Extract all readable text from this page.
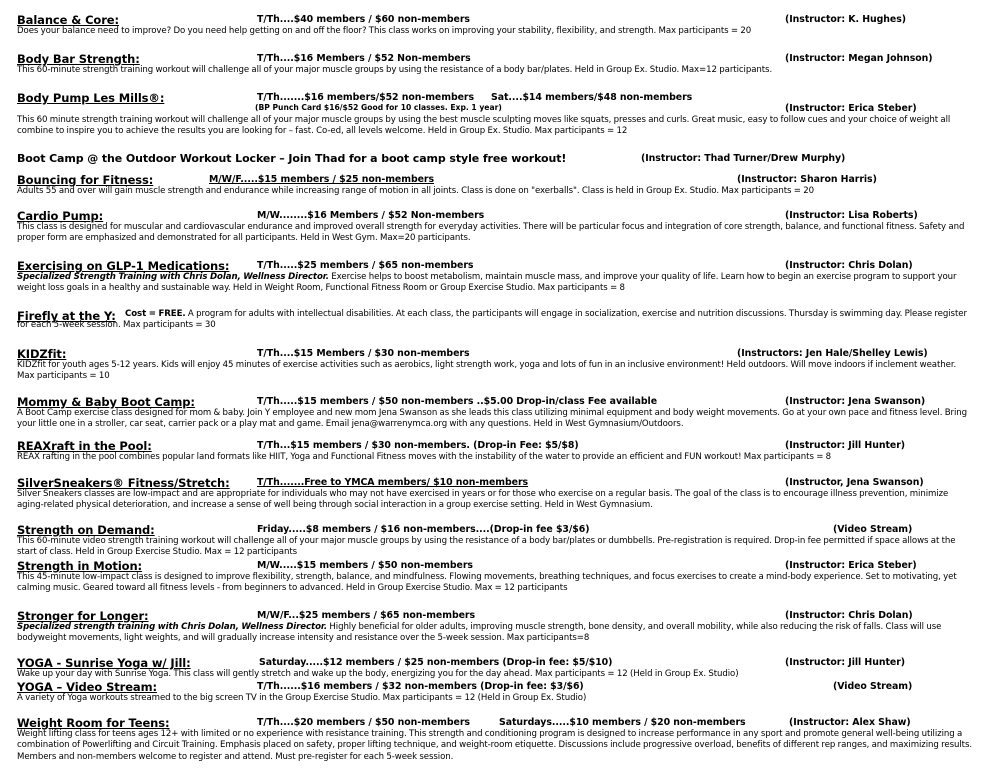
Balance & Core:	T/Th....$40 members / $60 non-members	(Instructor: K. Hughes)
Does your balance need to improve? Do you need help getting on and off the floor? This class works on improving your stability, flexibility, and strength. Max participants = 20
Body Bar Strength:	T/Th....$16 Members / $52 Non-members	(Instructor: Megan Johnson)
This 60-minute strength training workout will challenge all of your major muscle groups by using the resistance of a body bar/plates. Held in Group Ex. Studio. Max=12 participants.
Body Pump Les Mills®:	T/Th.......$16 members/$52 non-members Sat....$14 members/$48 non-members
(BP Punch Card $16/$52 Good for 10 classes. Exp. 1 year)	(Instructor: Erica Steber)
This 60 minute strength training workout will challenge all of your major muscle groups by using the best muscle sculpting moves like squats, presses and curls. Great music, easy to follow cues and your choice of weight all combine to inspire you to achieve the results you are looking for – fast. Co-ed, all levels welcome. Held in Group Ex. Studio. Max participants = 12
Boot Camp @ the Outdoor Workout Locker – Join Thad for a boot camp style free workout!	(Instructor: Thad Turner/Drew Murphy)
Bouncing for Fitness:	M/W/F.....$15 members / $25 non-members	(Instructor: Sharon Harris)
Adults 55 and over will gain muscle strength and endurance while increasing range of motion in all joints. Class is done on "exerballs". Class is held in Group Ex. Studio. Max participants = 20
Cardio Pump:	M/W........$16 Members / $52 Non-members	(Instructor: Lisa Roberts)
This class is designed for muscular and cardiovascular endurance and improved overall strength for everyday activities. There will be particular focus and integration of core strength, balance, and functional fitness. Safety and proper form are emphasized and demonstrated for all participants. Held in West Gym. Max=20 participants.
Exercising on GLP-1 Medications:	T/Th.....$25 members / $65 non-members	(Instructor: Chris Dolan)
Specialized Strength Training with Chris Dolan, Wellness Director. Exercise helps to boost metabolism, maintain muscle mass, and improve your quality of life. Learn how to begin an exercise program to support your weight loss goals in a healthy and sustainable way. Held in Weight Room, Functional Fitness Room or Group Exercise Studio. Max participants = 8
Firefly at the Y:	Cost = FREE. A program for adults with intellectual disabilities. At each class, the participants will engage in socialization, exercise and nutrition discussions. Thursday is swimming day. Please register for each 5-week session. Max participants = 30
KIDZfit:	T/Th....$15 Members / $30 non-members	(Instructors: Jen Hale/Shelley Lewis)
KIDZfit for youth ages 5-12 years. Kids will enjoy 45 minutes of exercise activities such as aerobics, light strength work, yoga and lots of fun in an inclusive environment! Held outdoors. Will move indoors if inclement weather. Max participants = 10
Mommy & Baby Boot Camp:	T/Th.....$15 members / $50 non-members ..$5.00 Drop-in/class Fee available	(Instructor: Jena Swanson)
A Boot Camp exercise class designed for mom & baby. Join Y employee and new mom Jena Swanson as she leads this class utilizing minimal equipment and body weight movements. Go at your own pace and fitness level. Bring your little one in a stroller, car seat, carrier pack or a play mat and game. Email jena@warrenymca.org with any questions. Held in West Gymnasium/Outdoors.
REAXraft in the Pool:	T/Th...$15 members / $30 non-members. (Drop-in Fee: $5/$8)	(Instructor: Jill Hunter)
REAX rafting in the pool combines popular land formats like HIIT, Yoga and Functional Fitness moves with the instability of the water to provide an efficient and FUN workout! Max participants = 8
SilverSneakers® Fitness/Stretch:	T/Th.......Free to YMCA members/ $10 non-members	(Instructor, Jena Swanson)
Silver Sneakers classes are low-impact and are appropriate for individuals who may not have exercised in years or for those who exercise on a regular basis. The goal of the class is to encourage illness prevention, minimize aging-related physical deterioration, and increase a sense of well being through social interaction in a group exercise setting. Held in West Gymnasium.
Strength on Demand:	Friday.....$8 members / $16 non-members....(Drop-in fee $3/$6)	(Video Stream)
This 60-minute video strength training workout will challenge all of your major muscle groups by using the resistance of a body bar/plates or dumbbells. Pre-registration is required. Drop-in fee permitted if space allows at the start of class. Held in Group Exercise Studio. Max = 12 participants
Strength in Motion:	M/W.....$15 members / $50 non-members	(Instructor: Erica Steber)
This 45-minute low-impact class is designed to improve flexibility, strength, balance, and mindfulness. Flowing movements, breathing techniques, and focus exercises to create a mind-body experience. Set to motivating, yet calming music. Geared toward all fitness levels - from beginners to advanced. Held in Group Exercise Studio. Max = 12 participants
Stronger for Longer:	M/W/F...$25 members / $65 non-members	(Instructor: Chris Dolan)
Specialized strength training with Chris Dolan, Wellness Director. Highly beneficial for older adults, improving muscle strength, bone density, and overall mobility, while also reducing the risk of falls. Class will use bodyweight movements, light weights, and will gradually increase intensity and resistance over the 5-week session. Max participants=8
YOGA - Sunrise Yoga w/ Jill:	Saturday.....$12 members / $25 non-members (Drop-in fee: $5/$10)	(Instructor: Jill Hunter)
Wake up your day with Sunrise Yoga. This class will gently stretch and wake up the body, energizing you for the day ahead. Max participants = 12 (Held in Group Ex. Studio)
YOGA – Video Stream:	T/Th......$16 members / $32 non-members (Drop-in fee: $3/$6)	(Video Stream)
A variety of Yoga workouts streamed to the big screen TV in the Group Exercise Studio. Max participants = 12 (Held in Group Ex. Studio)
Weight Room for Teens:	T/Th....$20 members / $50 non-members	Saturdays.....$10 members / $20 non-members	(Instructor: Alex Shaw)
Weight lifting class for teens ages 12+ with limited or no experience with resistance training. This strength and conditioning program is designed to increase performance in any sport and promote general well-being utilizing a combination of Powerlifting and Circuit Training. Emphasis placed on safety, proper lifting technique, and weight-room etiquette. Discussions include progressive overload, benefits of different rep ranges, and maximizing results. Members and non-members welcome to register and attend. Must pre-register for each 5-week session.
